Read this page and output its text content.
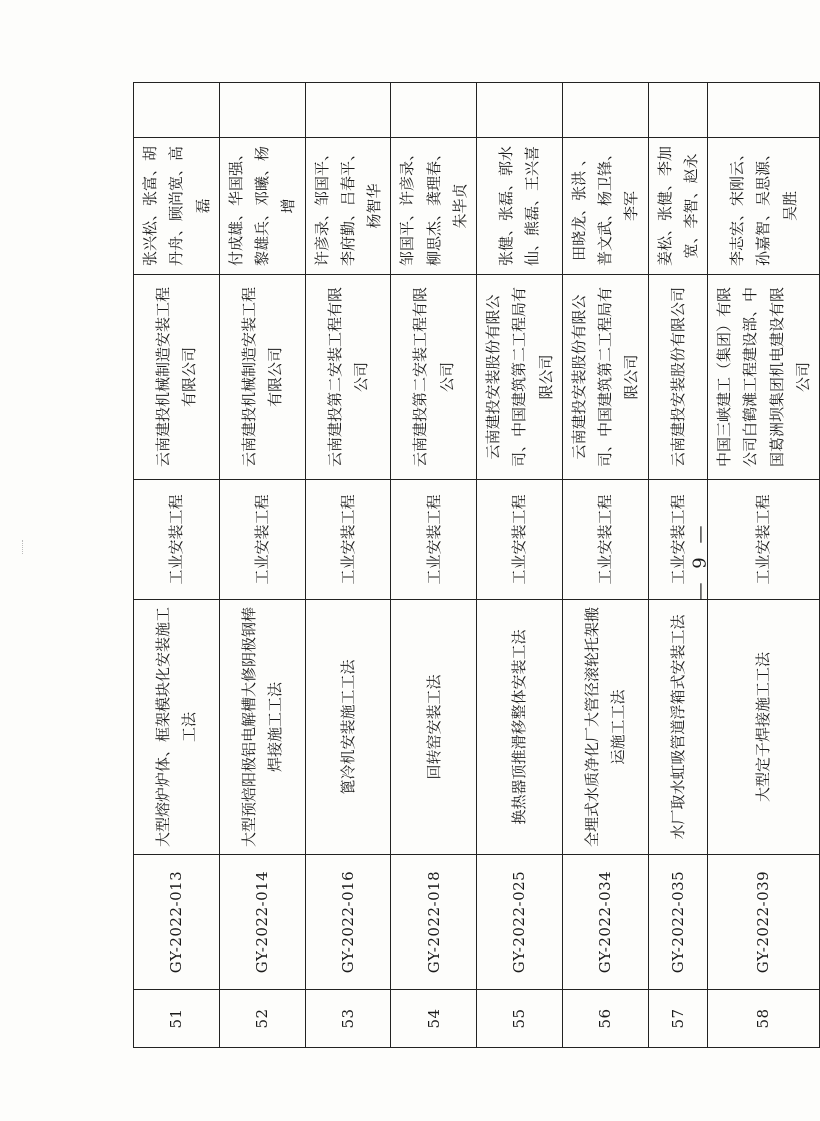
51	GY-2022-013	大型熔炉炉体、框架模块化安装施工工法	工业安装工程	云南建投机械制造安装工程有限公司	张兴松、张富、胡丹舟、顾尚宽、高磊	
52	GY-2022-014	大型预焙阳极铝电解槽大修阴极钢棒焊接施工工法	工业安装工程	云南建投机械制造安装工程有限公司	付成雄、华国强、黎雄兵、邓曦、杨增	
53	GY-2022-016	篦冷机安装施工工法	工业安装工程	云南建投第二安装工程有限公司	许彦录、邹国平、李府勤、吕春平、杨智华	
54	GY-2022-018	回转窑安装工法	工业安装工程	云南建投第二安装工程有限公司	邹国平、许彦录、柳思杰、龚理春、朱毕贞	
55	GY-2022-025	换热器顶推滑移整体安装工法	工业安装工程	云南建投安装股份有限公司、中国建筑第二工程局有限公司	张健、张磊、郭水仙、熊磊、王兴喜	
56	GY-2022-034	全埋式水质净化厂大管径滚轮托架搬运施工工法	工业安装工程	云南建投安装股份有限公司、中国建筑第二工程局有限公司	田晓龙、张洪 、普文武、杨卫锋、李军	
57	GY-2022-035	水厂取水虹吸管道浮箱式安装工法	工业安装工程	云南建投安装股份有限公司	姜松、张健、李加宽、李智、赵永	
58	GY-2022-039	大型定子焊接施工工法	工业安装工程	中国三峡建工（集团）有限公司白鹤滩工程建设部、中国葛洲坝集团机电建设有限公司	李志宏、宋刚云、孙嘉智、吴思源、吴胜	
— 9 —
